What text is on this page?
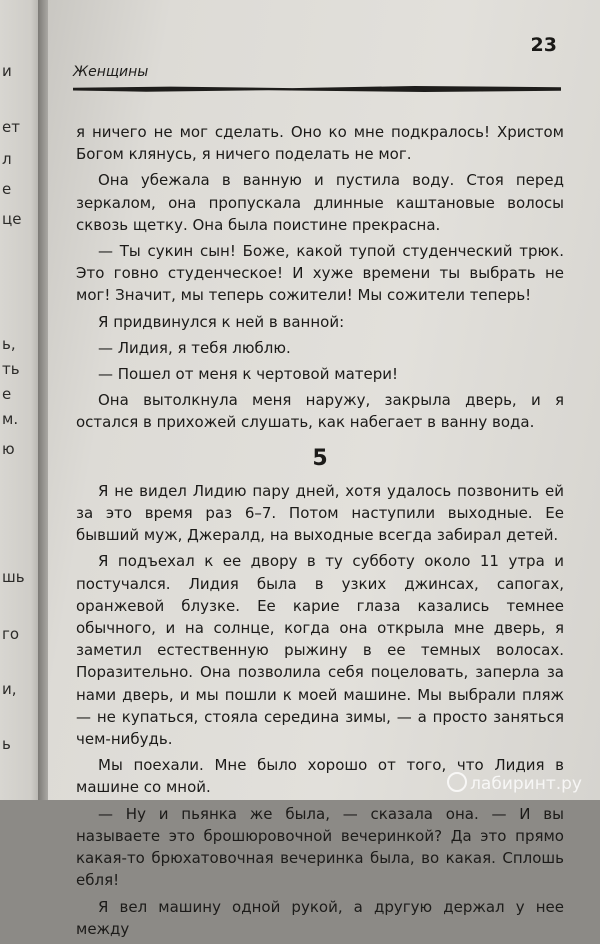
и
ет
л
е
це
ь,
ть
е
м.
ю
шь
го
и,
ь
Женщины
23

я ничего не мог сделать. Оно ко мне подкралось! Христом Богом клянусь, я ничего поделать не мог.

Она убежала в ванную и пустила воду. Стоя перед зеркалом, она пропускала длинные каштановые волосы сквозь щетку. Она была поистине прекрасна.

— Ты сукин сын! Боже, какой тупой студенческий трюк. Это говно студенческое! И хуже времени ты выбрать не мог! Значит, мы теперь сожители! Мы сожители теперь!

Я придвинулся к ней в ванной:

— Лидия, я тебя люблю.

— Пошел от меня к чертовой матери!

Она вытолкнула меня наружу, закрыла дверь, и я остался в прихожей слушать, как набегает в ванну вода.

5

Я не видел Лидию пару дней, хотя удалось позвонить ей за это время раз 6–7. Потом наступили выходные. Ее бывший муж, Джералд, на выходные всегда забирал детей.

Я подъехал к ее двору в ту субботу около 11 утра и постучался. Лидия была в узких джинсах, сапогах, оранжевой блузке. Ее карие глаза казались темнее обычного, и на солнце, когда она открыла мне дверь, я заметил естественную рыжину в ее темных волосах. Поразительно. Она позволила себя поцеловать, заперла за нами дверь, и мы пошли к моей машине. Мы выбрали пляж — не купаться, стояла середина зимы, — а просто заняться чем-нибудь.

Мы поехали. Мне было хорошо от того, что Лидия в машине со мной.

— Ну и пьянка же была, — сказала она. — И вы называете это брошюровочной вечеринкой? Да это прямо какая-то брюхатовочная вечеринка была, во какая. Сплошь ебля!

Я вел машину одной рукой, а другую держал у нее между

лабиринт.ру
